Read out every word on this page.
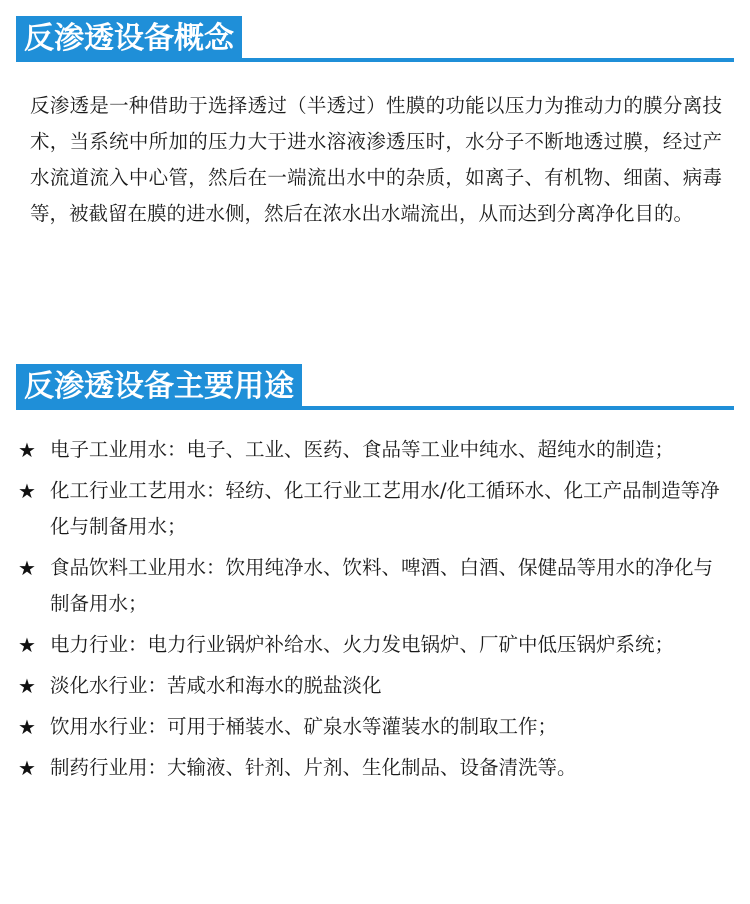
反渗透设备概念

反渗透是一种借助于选择透过（半透过）性膜的功能以压力为推动力的膜分离技术，当系统中所加的压力大于进水溶液渗透压时，水分子不断地透过膜，经过产水流道流入中心管，然后在一端流出水中的杂质，如离子、有机物、细菌、病毒等，被截留在膜的进水侧，然后在浓水出水端流出，从而达到分离净化目的。

反渗透设备主要用途
★ 电子工业用水：电子、工业、医药、食品等工业中纯水、超纯水的制造；
★ 化工行业工艺用水：轻纺、化工行业工艺用水/化工循环水、化工产品制造等净化与制备用水；
★ 食品饮料工业用水：饮用纯净水、饮料、啤酒、白酒、保健品等用水的净化与制备用水；
★ 电力行业：电力行业锅炉补给水、火力发电锅炉、厂矿中低压锅炉系统；
★ 淡化水行业：苦咸水和海水的脱盐淡化
★ 饮用水行业：可用于桶装水、矿泉水等灌装水的制取工作；
★ 制药行业用：大输液、针剂、片剂、生化制品、设备清洗等。
